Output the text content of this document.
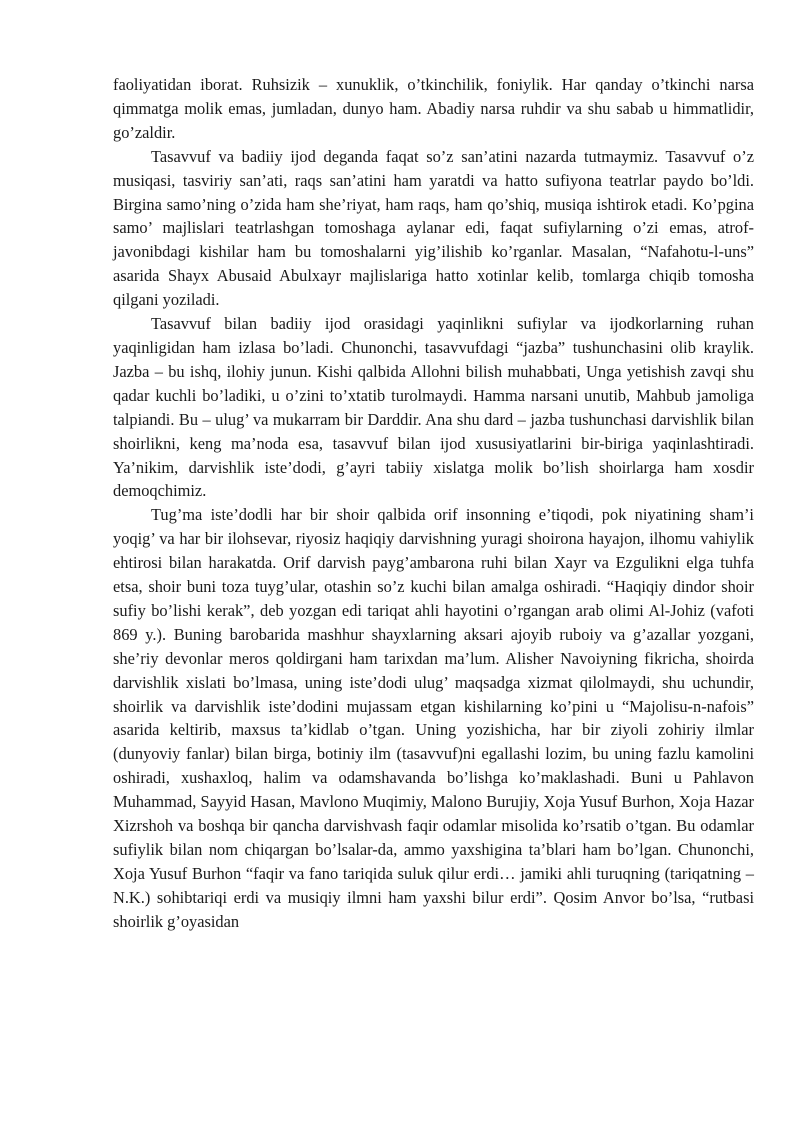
faoliyatidan iborat. Ruhsizik – xunuklik, o’tkinchilik, foniylik. Har qanday o’tkinchi narsa qimmatga molik emas, jumladan, dunyo ham. Abadiy narsa ruhdir va shu sabab u himmatlidir, go’zaldir.

Tasavvuf va badiiy ijod deganda faqat so’z san’atini nazarda tutmaymiz. Tasavvuf o’z musiqasi, tasviriy san’ati, raqs san’atini ham yaratdi va hatto sufiyona teatrlar paydo bo’ldi. Birgina samo’ning o’zida ham she’riyat, ham raqs, ham qo’shiq, musiqa ishtirok etadi. Ko’pgina samo’ majlislari teatrlashgan tomoshaga aylanar edi, faqat sufiylarning o’zi emas, atrof-javonibdagi kishilar ham bu tomoshalarni yig’ilishib ko’rganlar. Masalan, “Nafahotu-l-uns” asarida Shayx Abusaid Abulxayr majlislariga hatto xotinlar kelib, tomlarga chiqib tomosha qilgani yoziladi.

Tasavvuf bilan badiiy ijod orasidagi yaqinlikni sufiylar va ijodkorlarning ruhan yaqinligidan ham izlasa bo’ladi. Chunonchi, tasavvufdagi “jazba” tushunchasini olib kraylik. Jazba – bu ishq, ilohiy junun. Kishi qalbida Allohni bilish muhabbati, Unga yetishish zavqi shu qadar kuchli bo’ladiki, u o’zini to’xtatib turolmaydi. Hamma narsani unutib, Mahbub jamoliga talpiandi. Bu – ulug’ va mukarram bir Darddir. Ana shu dard – jazba tushunchasi darvishlik bilan shoirlikni, keng ma’noda esa, tasavvuf bilan ijod xususiyatlarini bir-biriga yaqinlashtiradi. Ya’nikim, darvishlik iste’dodi, g’ayri tabiiy xislatga molik bo’lish shoirlarga ham xosdir demoqchimiz.

Tug’ma iste’dodli har bir shoir qalbida orif insonning e’tiqodi, pok niyatining sham’i yoqig’ va har bir ilohsevar, riyosiz haqiqiy darvishning yuragi shoirona hayajon, ilhomu vahiylik ehtirosi bilan harakatda. Orif darvish payg’ambarona ruhi bilan Xayr va Ezgulikni elga tuhfa etsa, shoir buni toza tuyg’ular, otashin so’z kuchi bilan amalga oshiradi. “Haqiqiy dindor shoir sufiy bo’lishi kerak”, deb yozgan edi tariqat ahli hayotini o’rgangan arab olimi Al-Johiz (vafoti 869 y.). Buning barobarida mashhur shayxlarning aksari ajoyib ruboiy va g’azallar yozgani, she’riy devonlar meros qoldirgani ham tarixdan ma’lum. Alisher Navoiyning fikricha, shoirda darvishlik xislati bo’lmasa, uning iste’dodi ulug’ maqsadga xizmat qilolmaydi, shu uchundir, shoirlik va darvishlik iste’dodini mujassam etgan kishilarning ko’pini u “Majolisu-n-nafois” asarida keltirib, maxsus ta’kidlab o’tgan. Uning yozishicha, har bir ziyoli zohiriy ilmlar (dunyoviy fanlar) bilan birga, botiniy ilm (tasavvuf)ni egallashi lozim, bu uning fazlu kamolini oshiradi, xushaxloq, halim va odamshavanda bo’lishga ko’maklashadi. Buni u Pahlavon Muhammad, Sayyid Hasan, Mavlono Muqimiy, Malono Burujiy, Xoja Yusuf Burhon, Xoja Hazar Xizrshoh va boshqa bir qancha darvishvash faqir odamlar misolida ko’rsatib o’tgan. Bu odamlar sufiylik bilan nom chiqargan bo’lsalar-da, ammo yaxshigina ta’blari ham bo’lgan. Chunonchi, Xoja Yusuf Burhon “faqir va fano tariqida suluk qilur erdi… jamiki ahli turuqning (tariqatning – N.K.) sohibtariqi erdi va musiqiy ilmni ham yaxshi bilur erdi”. Qosim Anvor bo’lsa, “rutbasi shoirlik g’oyasidan
